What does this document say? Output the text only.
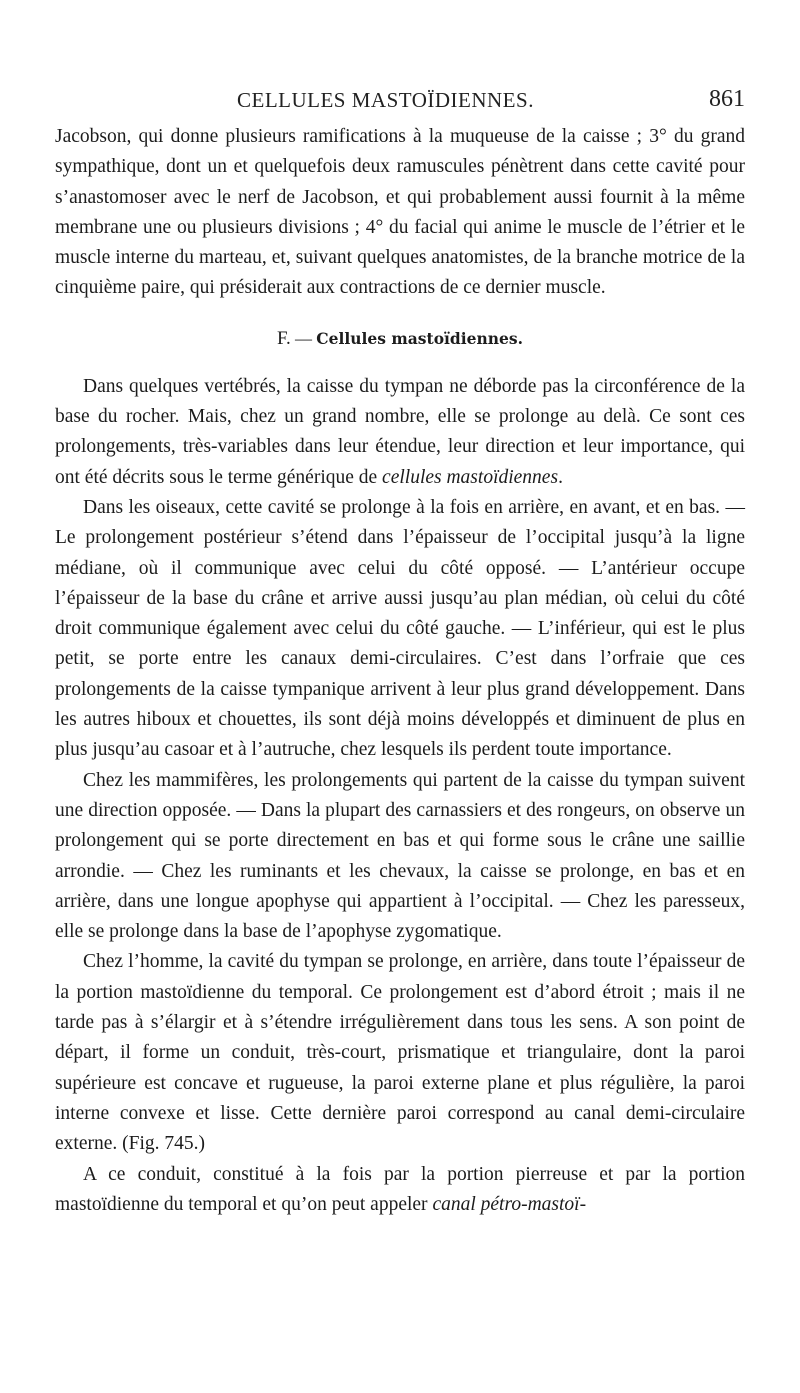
CELLULES MASTOÏDIENNES.	861

Jacobson, qui donne plusieurs ramifications à la muqueuse de la caisse ; 3° du grand sympathique, dont un et quelquefois deux ramuscules pénètrent dans cette cavité pour s’anastomoser avec le nerf de Jacobson, et qui probablement aussi fournit à la même membrane une ou plusieurs divisions ; 4° du facial qui anime le muscle de l’étrier et le muscle interne du marteau, et, suivant quelques anatomistes, de la branche motrice de la cinquième paire, qui présiderait aux contractions de ce dernier muscle.

F. — Cellules mastoïdiennes.

Dans quelques vertébrés, la caisse du tympan ne déborde pas la circonférence de la base du rocher. Mais, chez un grand nombre, elle se prolonge au delà. Ce sont ces prolongements, très-variables dans leur étendue, leur direction et leur importance, qui ont été décrits sous le terme générique de cellules mastoïdiennes.

Dans les oiseaux, cette cavité se prolonge à la fois en arrière, en avant, et en bas. — Le prolongement postérieur s’étend dans l’épaisseur de l’occipital jusqu’à la ligne médiane, où il communique avec celui du côté opposé. — L’antérieur occupe l’épaisseur de la base du crâne et arrive aussi jusqu’au plan médian, où celui du côté droit communique également avec celui du côté gauche. — L’inférieur, qui est le plus petit, se porte entre les canaux demi-circulaires. C’est dans l’orfraie que ces prolongements de la caisse tympanique arrivent à leur plus grand développement. Dans les autres hiboux et chouettes, ils sont déjà moins développés et diminuent de plus en plus jusqu’au casoar et à l’autruche, chez lesquels ils perdent toute importance.

Chez les mammifères, les prolongements qui partent de la caisse du tympan suivent une direction opposée. — Dans la plupart des carnassiers et des rongeurs, on observe un prolongement qui se porte directement en bas et qui forme sous le crâne une saillie arrondie. — Chez les ruminants et les chevaux, la caisse se prolonge, en bas et en arrière, dans une longue apophyse qui appartient à l’occipital. — Chez les paresseux, elle se prolonge dans la base de l’apophyse zygomatique.

Chez l’homme, la cavité du tympan se prolonge, en arrière, dans toute l’épaisseur de la portion mastoïdienne du temporal. Ce prolongement est d’abord étroit ; mais il ne tarde pas à s’élargir et à s’étendre irrégulièrement dans tous les sens. A son point de départ, il forme un conduit, très-court, prismatique et triangulaire, dont la paroi supérieure est concave et rugueuse, la paroi externe plane et plus régulière, la paroi interne convexe et lisse. Cette dernière paroi correspond au canal demi-circulaire externe. (Fig. 745.)

A ce conduit, constitué à la fois par la portion pierreuse et par la portion mastoïdienne du temporal et qu’on peut appeler canal pétro-mastoï-
